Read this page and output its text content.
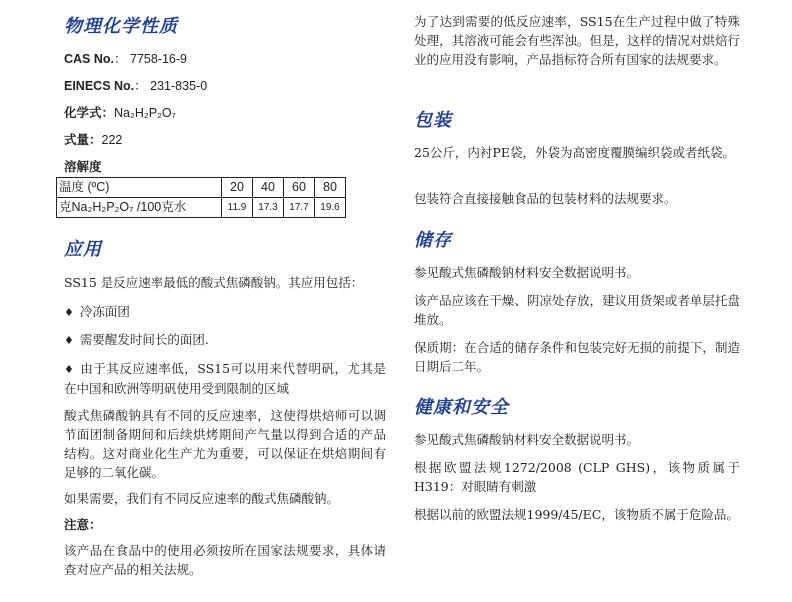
物理化学性质
CAS No.： 7758-16-9
EINECS No.： 231-835-0
化学式：Na₂H₂P₂O₇
式量：222
溶解度
温度 (ºC)	20	40	60	80
克Na₂H₂P₂O₇ /100克水	11.9	17.3	17.7	19.6
应用
SS15 是反应速率最低的酸式焦磷酸钠。其应用包括：
♦ 冷冻面团
♦ 需要醒发时间长的面团.
♦ 由于其反应速率低，SS15可以用来代替明矾，尤其是在中国和欧洲等明矾使用受到限制的区域
酸式焦磷酸钠具有不同的反应速率，这使得烘焙师可以调节面团制备期间和后续烘烤期间产气量以得到合适的产品结构。这对商业化生产尤为重要，可以保证在烘焙期间有足够的二氧化碳。
如果需要，我们有不同反应速率的酸式焦磷酸钠。
注意：
该产品在食品中的使用必须按所在国家法规要求，具体请查对应产品的相关法规。
为了达到需要的低反应速率，SS15在生产过程中做了特殊处理，其溶液可能会有些浑浊。但是，这样的情况对烘焙行业的应用没有影响，产品指标符合所有国家的法规要求。
包装
25公斤，内衬PE袋，外袋为高密度覆膜编织袋或者纸袋。
包装符合直接接触食品的包装材料的法规要求。
储存
参见酸式焦磷酸钠材料安全数据说明书。
该产品应该在干燥、阴凉处存放，建议用货架或者单层托盘堆放。
保质期：在合适的储存条件和包装完好无损的前提下，制造日期后二年。
健康和安全
参见酸式焦磷酸钠材料安全数据说明书。
根据欧盟法规1272/2008 (CLP GHS)，该物质属于H319：对眼睛有刺激
根据以前的欧盟法规1999/45/EC，该物质不属于危险品。
